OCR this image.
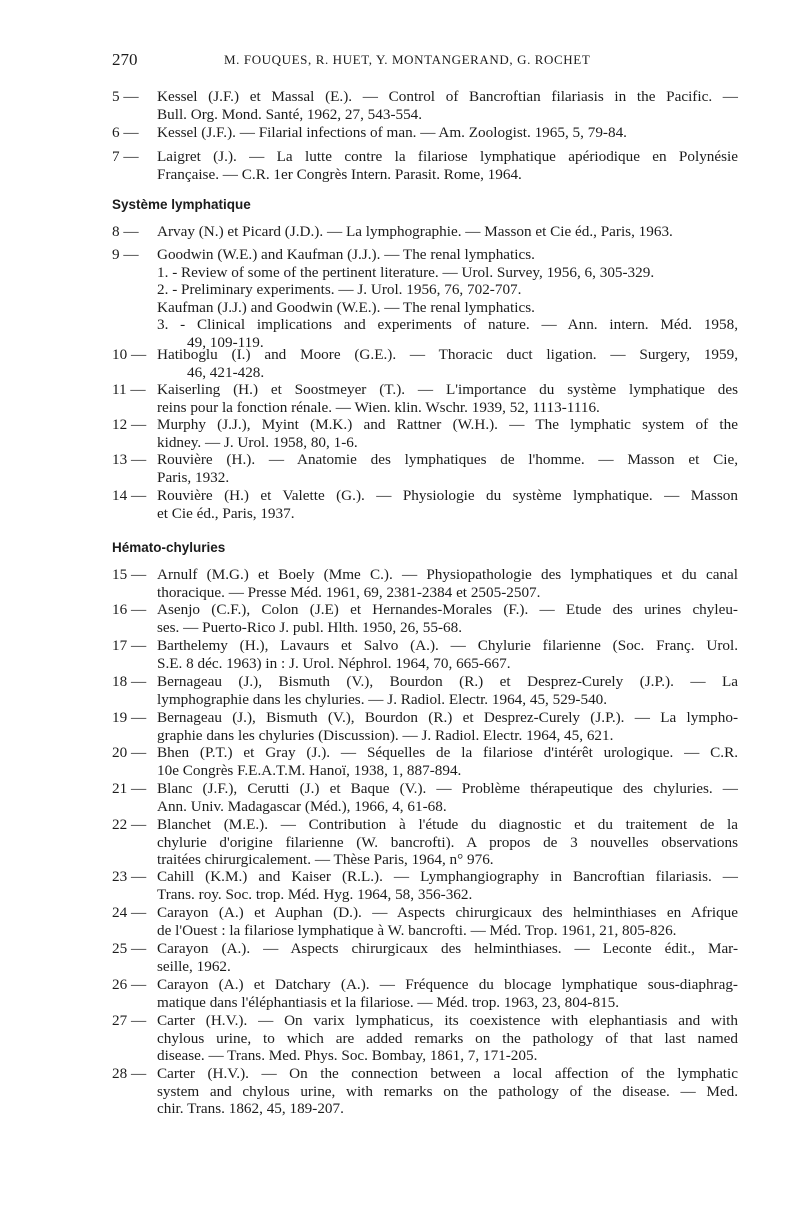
270	M. FOUQUES, R. HUET, Y. MONTANGERAND, G. ROCHET
5 —	Kessel (J.F.) et Massal (E.). — Control of Bancroftian filariasis in the Pacific. —
Bull. Org. Mond. Santé, 1962, 27, 543-554.
6 —	Kessel (J.F.). — Filarial infections of man. — Am. Zoologist. 1965, 5, 79-84.
7 —	Laigret (J.). — La lutte contre la filariose lymphatique apériodique en Polynésie
Française. — C.R. 1er Congrès Intern. Parasit. Rome, 1964.
Système lymphatique
8 —	Arvay (N.) et Picard (J.D.). — La lymphographie. — Masson et Cie éd., Paris, 1963.
9 —	Goodwin (W.E.) and Kaufman (J.J.). — The renal lymphatics.
1. - Review of some of the pertinent literature. — Urol. Survey, 1956, 6, 305-329.
2. - Preliminary experiments. — J. Urol. 1956, 76, 702-707.
Kaufman (J.J.) and Goodwin (W.E.). — The renal lymphatics.
3. - Clinical implications and experiments of nature. — Ann. intern. Méd. 1958,
49, 109-119.
10 — Hatiboglu (I.) and Moore (G.E.). — Thoracic duct ligation. — Surgery, 1959,
46, 421-428.
11 — Kaiserling (H.) et Soostmeyer (T.). — L'importance du système lymphatique des
reins pour la fonction rénale. — Wien. klin. Wschr. 1939, 52, 1113-1116.
12 — Murphy (J.J.), Myint (M.K.) and Rattner (W.H.). — The lymphatic system of the
kidney. — J. Urol. 1958, 80, 1-6.
13 — Rouvière (H.). — Anatomie des lymphatiques de l'homme. — Masson et Cie,
Paris, 1932.
14 — Rouvière (H.) et Valette (G.). — Physiologie du système lymphatique. — Masson
et Cie éd., Paris, 1937.
Hémato-chyluries
15 — Arnulf (M.G.) et Boely (Mme C.). — Physiopathologie des lymphatiques et du canal
thoracique. — Presse Méd. 1961, 69, 2381-2384 et 2505-2507.
16 — Asenjo (C.F.), Colon (J.E) et Hernandes-Morales (F.). — Etude des urines chyleu-
ses. — Puerto-Rico J. publ. Hlth. 1950, 26, 55-68.
17 — Barthelemy (H.), Lavaurs et Salvo (A.). — Chylurie filarienne (Soc. Franç. Urol.
S.E. 8 déc. 1963) in : J. Urol. Néphrol. 1964, 70, 665-667.
18 — Bernageau (J.), Bismuth (V.), Bourdon (R.) et Desprez-Curely (J.P.). — La
lymphographie dans les chyluries. — J. Radiol. Electr. 1964, 45, 529-540.
19 — Bernageau (J.), Bismuth (V.), Bourdon (R.) et Desprez-Curely (J.P.). — La lympho-
graphie dans les chyluries (Discussion). — J. Radiol. Electr. 1964, 45, 621.
20 — Bhen (P.T.) et Gray (J.). — Séquelles de la filariose d'intérêt urologique. — C.R.
10e Congrès F.E.A.T.M. Hanoï, 1938, 1, 887-894.
21 — Blanc (J.F.), Cerutti (J.) et Baque (V.). — Problème thérapeutique des chyluries. —
Ann. Univ. Madagascar (Méd.), 1966, 4, 61-68.
22 — Blanchet (M.E.). — Contribution à l'étude du diagnostic et du traitement de la
chylurie d'origine filarienne (W. bancrofti). A propos de 3 nouvelles observations
traitées chirurgicalement. — Thèse Paris, 1964, n° 976.
23 — Cahill (K.M.) and Kaiser (R.L.). — Lymphangiography in Bancroftian filariasis. —
Trans. roy. Soc. trop. Méd. Hyg. 1964, 58, 356-362.
24 — Carayon (A.) et Auphan (D.). — Aspects chirurgicaux des helminthiases en Afrique
de l'Ouest : la filariose lymphatique à W. bancrofti. — Méd. Trop. 1961, 21, 805-826.
25 — Carayon (A.). — Aspects chirurgicaux des helminthiases. — Leconte édit., Mar-
seille, 1962.
26 — Carayon (A.) et Datchary (A.). — Fréquence du blocage lymphatique sous-diaphrag-
matique dans l'éléphantiasis et la filariose. — Méd. trop. 1963, 23, 804-815.
27 — Carter (H.V.). — On varix lymphaticus, its coexistence with elephantiasis and with
chylous urine, to which are added remarks on the pathology of that last named
disease. — Trans. Med. Phys. Soc. Bombay, 1861, 7, 171-205.
28 — Carter (H.V.). — On the connection between a local affection of the lymphatic
system and chylous urine, with remarks on the pathology of the disease. — Med.
chir. Trans. 1862, 45, 189-207.
